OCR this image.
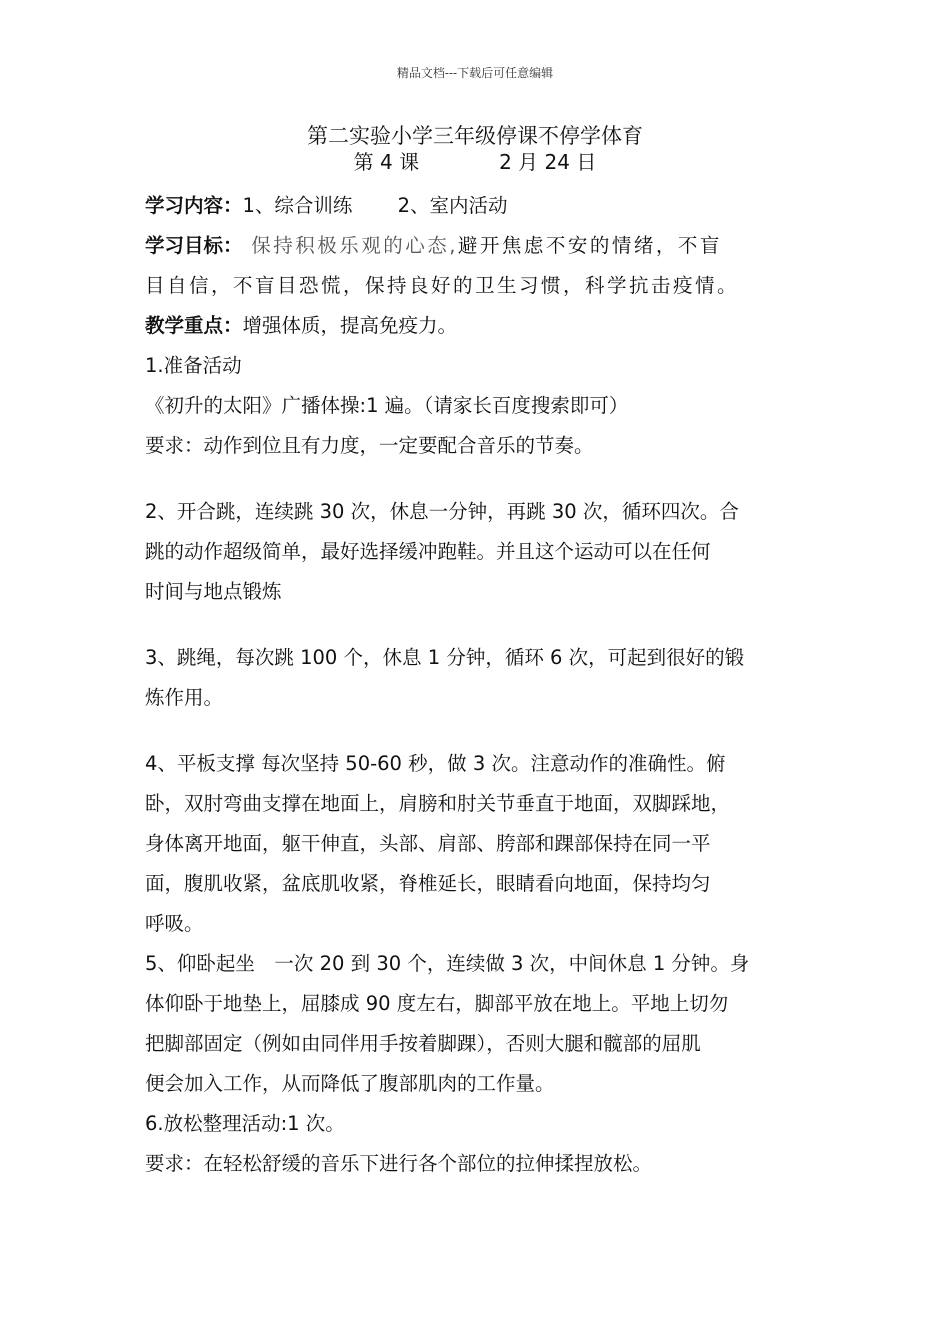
精品文档---下载后可任意编辑
第二实验小学三年级停课不停学体育
第 4 课　　　　2 月 24 日
学习内容：1、综合训练　　 2、室内活动
学习目标： 保持积极乐观的心态,避开焦虑不安的情绪，不盲
目自信，不盲目恐慌，保持良好的卫生习惯，科学抗击疫情。
教学重点：增强体质，提高免疫力。
1.准备活动
《初升的太阳》广播体操:1 遍。（请家长百度搜索即可）
要求：动作到位且有力度，一定要配合音乐的节奏。
2、开合跳，连续跳 30 次，休息一分钟，再跳 30 次，循环四次。合
跳的动作超级简单，最好选择缓冲跑鞋。并且这个运动可以在任何
时间与地点锻炼
3、跳绳，每次跳 100 个，休息 1 分钟，循环 6 次，可起到很好的锻
炼作用。
4、平板支撑 每次坚持 50-60 秒，做 3 次。注意动作的准确性。俯
卧，双肘弯曲支撑在地面上，肩膀和肘关节垂直于地面，双脚踩地，
身体离开地面，躯干伸直，头部、肩部、胯部和踝部保持在同一平
面，腹肌收紧，盆底肌收紧，脊椎延长，眼睛看向地面，保持均匀
呼吸。
5、仰卧起坐　一次 20 到 30 个，连续做 3 次，中间休息 1 分钟。身
体仰卧于地垫上，屈膝成 90 度左右，脚部平放在地上。平地上切勿
把脚部固定（例如由同伴用手按着脚踝），否则大腿和髋部的屈肌
便会加入工作，从而降低了腹部肌肉的工作量。
6.放松整理活动:1 次。
要求：在轻松舒缓的音乐下进行各个部位的拉伸揉捏放松。
